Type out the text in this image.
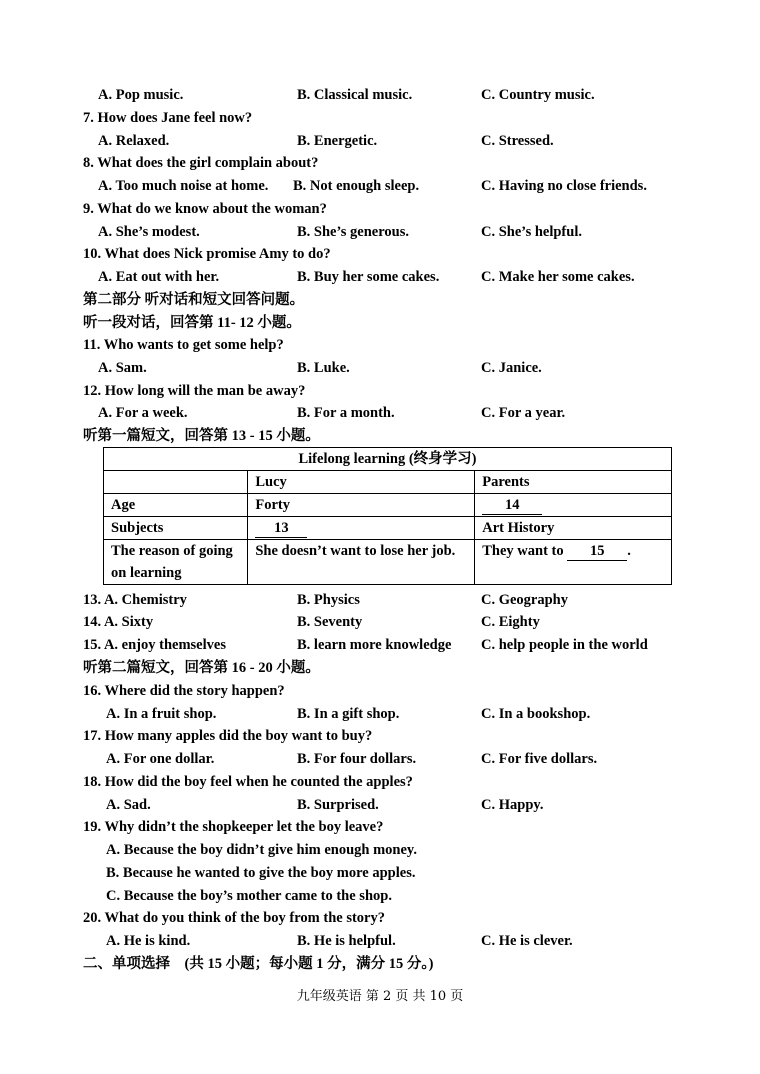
A. Pop music.	B. Classical music.	C. Country music.
7. How does Jane feel now?
A. Relaxed.	B. Energetic.	C. Stressed.
8. What does the girl complain about?
A. Too much noise at home. B. Not enough sleep.	C. Having no close friends.
9. What do we know about the woman?
A. She’s modest.	B. She’s generous.	C. She’s helpful.
10. What does Nick promise Amy to do?
A. Eat out with her.	B. Buy her some cakes.	C. Make her some cakes.
第二部分 听对话和短文回答问题。
听一段对话，回答第 11- 12 小题。
11. Who wants to get some help?
A. Sam.	B. Luke.	C. Janice.
12. How long will the man be away?
A. For a week.	B. For a month.	C. For a year.
听第一篇短文，回答第 13 - 15 小题。
Lifelong learning (终身学习)		
	Lucy	Parents
Age	Forty	14
Subjects	13	Art History
The reason of going on learning	She doesn’t want to lose her job.	They want to 15 .
13. A. Chemistry	B. Physics	C. Geography
14. A. Sixty	B. Seventy	C. Eighty
15. A. enjoy themselves	B. learn more knowledge C. help people in the world
听第二篇短文，回答第 16 - 20 小题。
16. Where did the story happen?
A. In a fruit shop.	B. In a gift shop.	C. In a bookshop.
17. How many apples did the boy want to buy?
A. For one dollar.	B. For four dollars.	C. For five dollars.
18. How did the boy feel when he counted the apples?
A. Sad.	B. Surprised.	C. Happy.
19. Why didn’t the shopkeeper let the boy leave?
A. Because the boy didn’t give him enough money.
B. Because he wanted to give the boy more apples.
C. Because the boy’s mother came to the shop.
20. What do you think of the boy from the story?
A. He is kind.	B. He is helpful.	C. He is clever.
二、单项选择　(共 15 小题；每小题 1 分，满分 15 分。)
九年级英语 第 2 页 共 10 页
